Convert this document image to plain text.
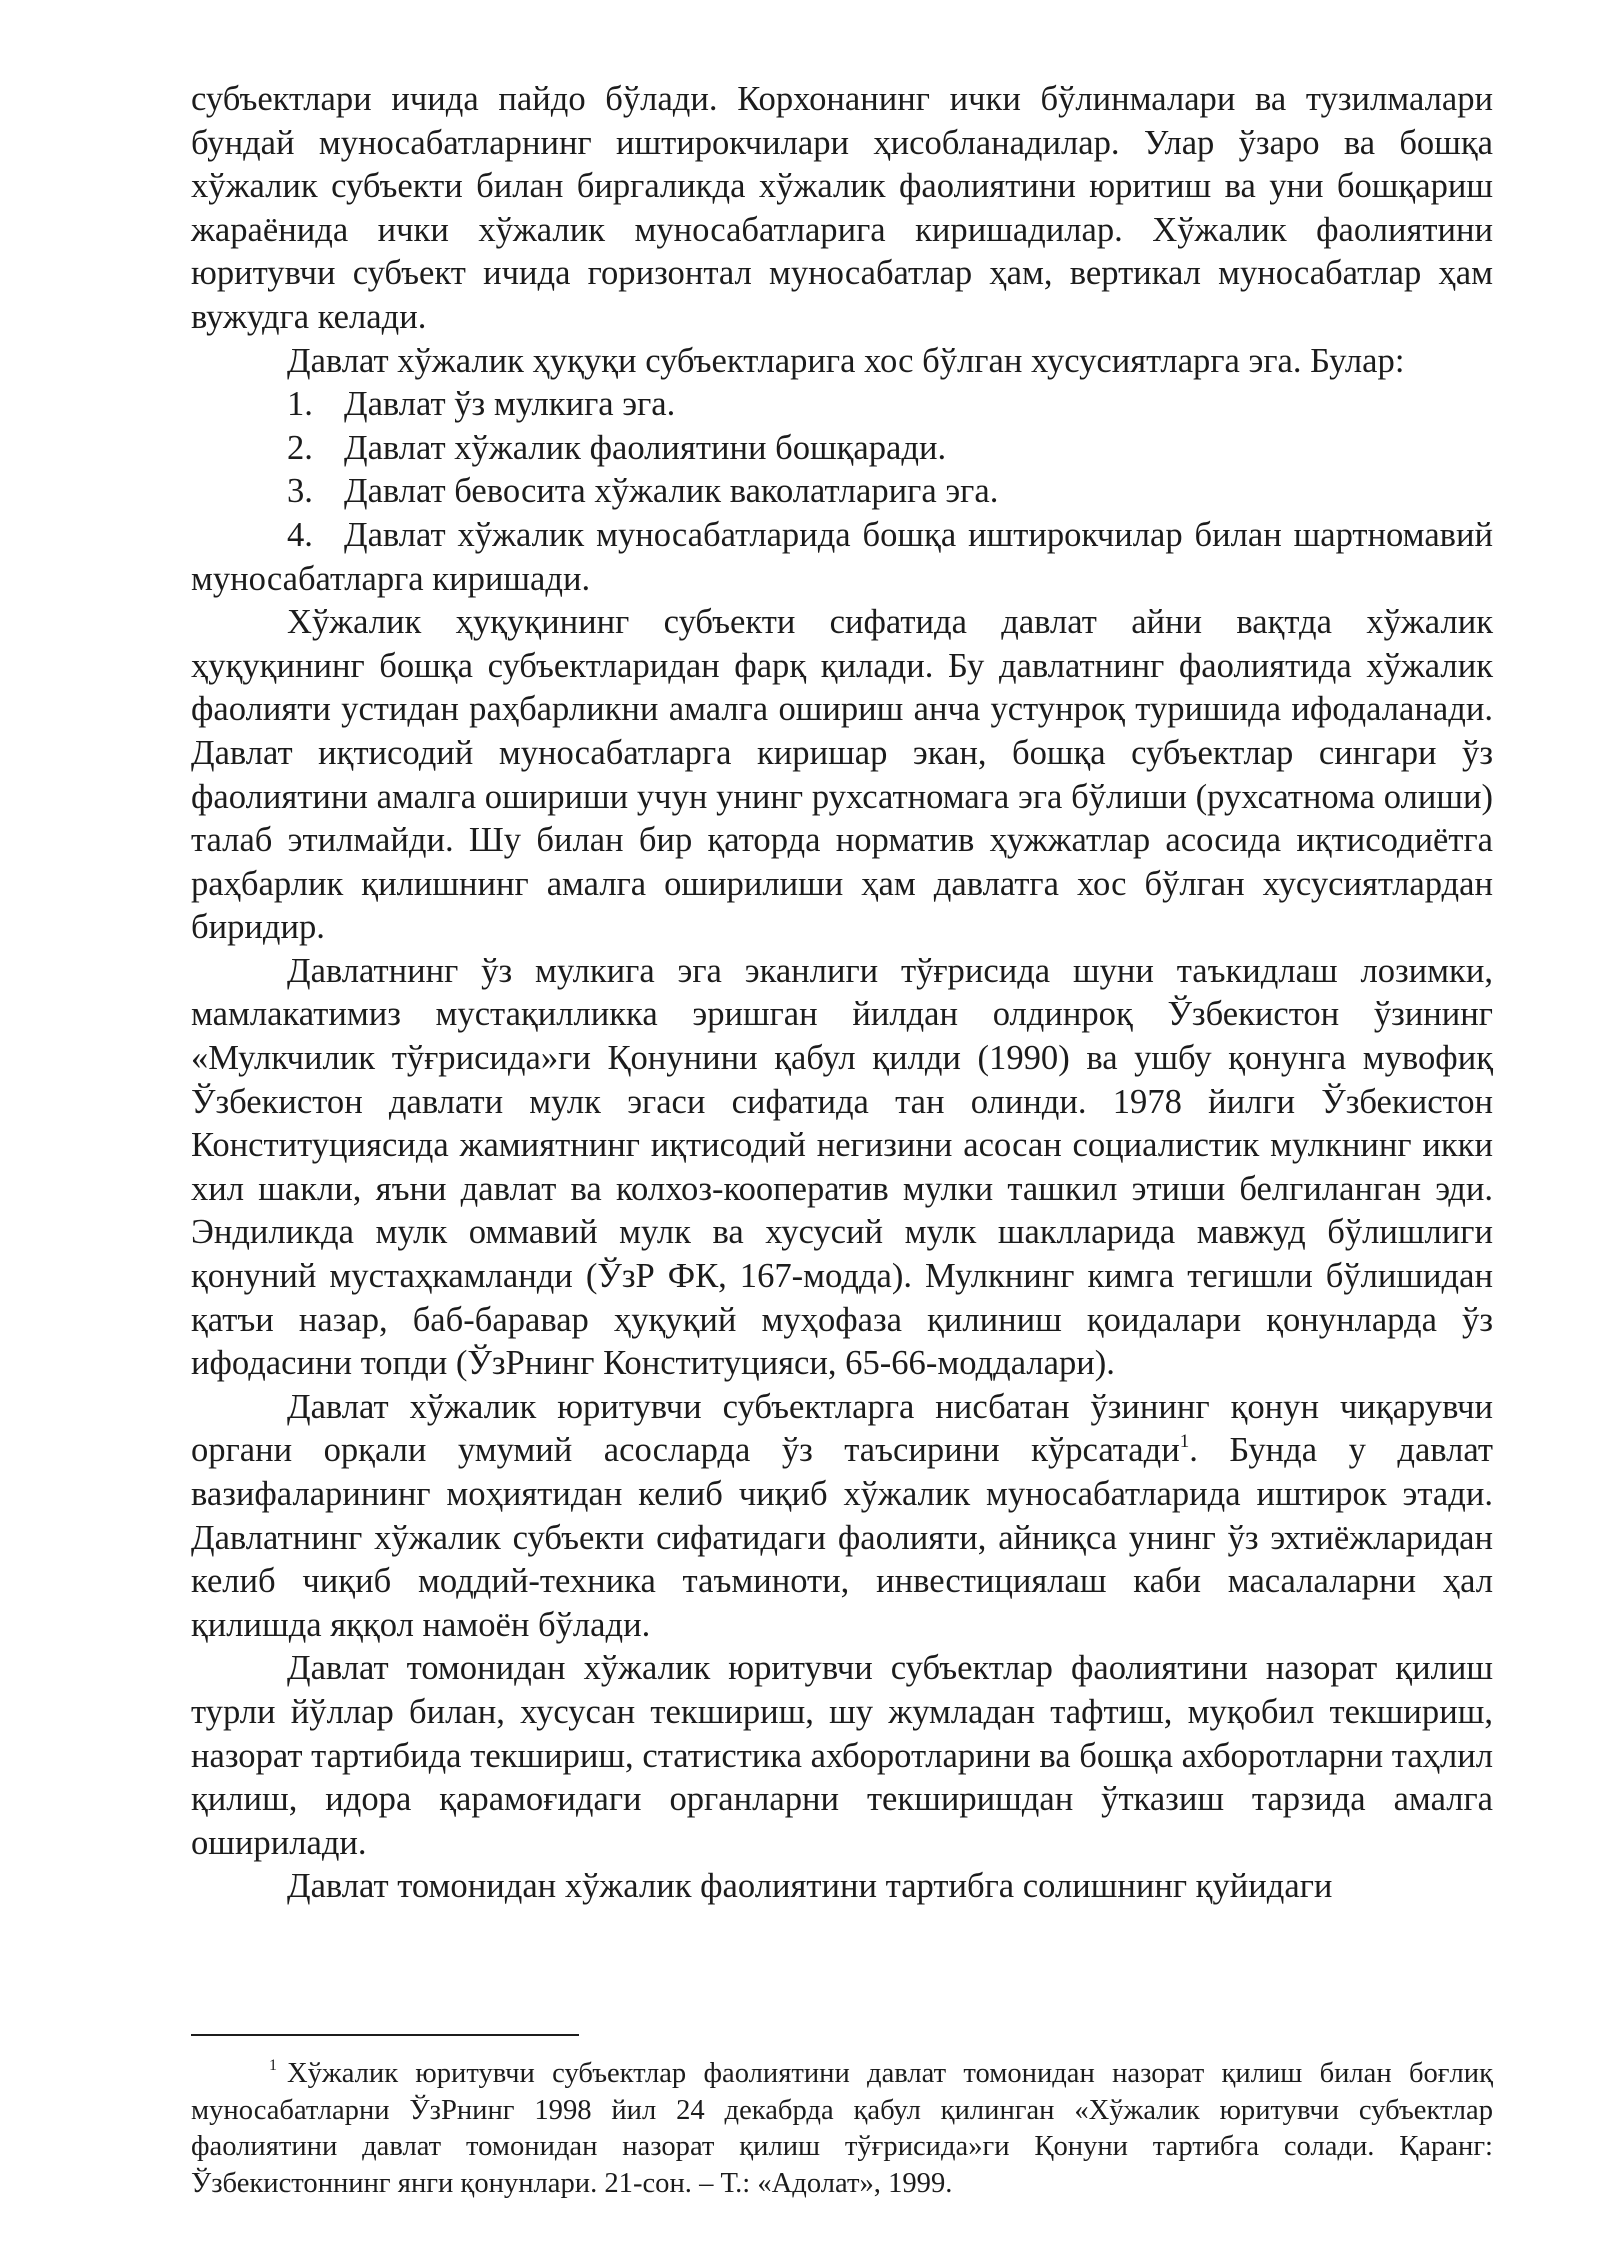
субъектлари ичида пайдо бўлади. Корхонанинг ички бўлинмалари ва тузилмалари бундай муносабатларнинг иштирокчилари ҳисобланадилар. Улар ўзаро ва бошқа хўжалик субъекти билан биргаликда хўжалик фаолиятини юритиш ва уни бошқариш жараёнида ички хўжалик муносабатларига киришадилар. Хўжалик фаолиятини юритувчи субъект ичида горизонтал муносабатлар ҳам, вертикал муносабатлар ҳам вужудга келади.

Давлат хўжалик ҳуқуқи субъектларига хос бўлган хусусиятларга эга. Булар:

1. Давлат ўз мулкига эга.

2. Давлат хўжалик фаолиятини бошқаради.

3. Давлат бевосита хўжалик ваколатларига эга.

4. Давлат хўжалик муносабатларида бошқа иштирокчилар билан шартномавий муносабатларга киришади.

Хўжалик ҳуқуқининг субъекти сифатида давлат айни вақтда хўжалик ҳуқуқининг бошқа субъектларидан фарқ қилади. Бу давлатнинг фаолиятида хўжалик фаолияти устидан раҳбарликни амалга ошириш анча устунроқ туришида ифодаланади. Давлат иқтисодий муносабатларга киришар экан, бошқа субъектлар сингари ўз фаолиятини амалга ошириши учун унинг рухсатномага эга бўлиши (рухсатнома олиши) талаб этилмайди. Шу билан бир қаторда норматив ҳужжатлар асосида иқтисодиётга раҳбарлик қилишнинг амалга оширилиши ҳам давлатга хос бўлган хусусиятлардан биридир.

Давлатнинг ўз мулкига эга эканлиги тўғрисида шуни таъкидлаш лозимки, мамлакатимиз мустақилликка эришган йилдан олдинроқ Ўзбекистон ўзининг «Мулкчилик тўғрисида»ги Қонунини қабул қилди (1990) ва ушбу қонунга мувофиқ Ўзбекистон давлати мулк эгаси сифатида тан олинди. 1978 йилги Ўзбекистон Конституциясида жамиятнинг иқтисодий негизини асосан социалистик мулкнинг икки хил шакли, яъни давлат ва колхоз-кооператив мулки ташкил этиши белгиланган эди. Эндиликда мулк оммавий мулк ва хусусий мулк шаклларида мавжуд бўлишлиги қонуний мустаҳкамланди (ЎзР ФК, 167-модда). Мулкнинг кимга тегишли бўлишидан қатъи назар, баб-баравар ҳуқуқий муҳофаза қилиниш қоидалари қонунларда ўз ифодасини топди (ЎзРнинг Конституцияси, 65-66-моддалари).

Давлат хўжалик юритувчи субъектларга нисбатан ўзининг қонун чиқарувчи органи орқали умумий асосларда ўз таъсирини кўрсатади$^1$. Бунда у давлат вазифаларининг моҳиятидан келиб чиқиб хўжалик муносабатларида иштирок этади. Давлатнинг хўжалик субъекти сифатидаги фаолияти, айниқса унинг ўз эхтиёжларидан келиб чиқиб моддий-техника таъминоти, инвестициялаш каби масалаларни ҳал қилишда яққол намоён бўлади.

Давлат томонидан хўжалик юритувчи субъектлар фаолиятини назорат қилиш турли йўллар билан, хусусан текшириш, шу жумладан тафтиш, муқобил текшириш, назорат тартибида текшириш, статистика ахборотларини ва бошқа ахборотларни таҳлил қилиш, идора қарамоғидаги органларни текширишдан ўтказиш тарзида амалга оширилади.

Давлат томонидан хўжалик фаолиятини тартибга солишнинг қуйидаги

$^1$ Хўжалик юритувчи субъектлар фаолиятини давлат томонидан назорат қилиш билан боғлиқ муносабатларни ЎзРнинг 1998 йил 24 декабрда қабул қилинган «Хўжалик юритувчи субъектлар фаолиятини давлат томонидан назорат қилиш тўғрисида»ги Қонуни тартибга солади. Қаранг: Ўзбекистоннинг янги қонунлари. 21-сон. – Т.: «Адолат», 1999.
